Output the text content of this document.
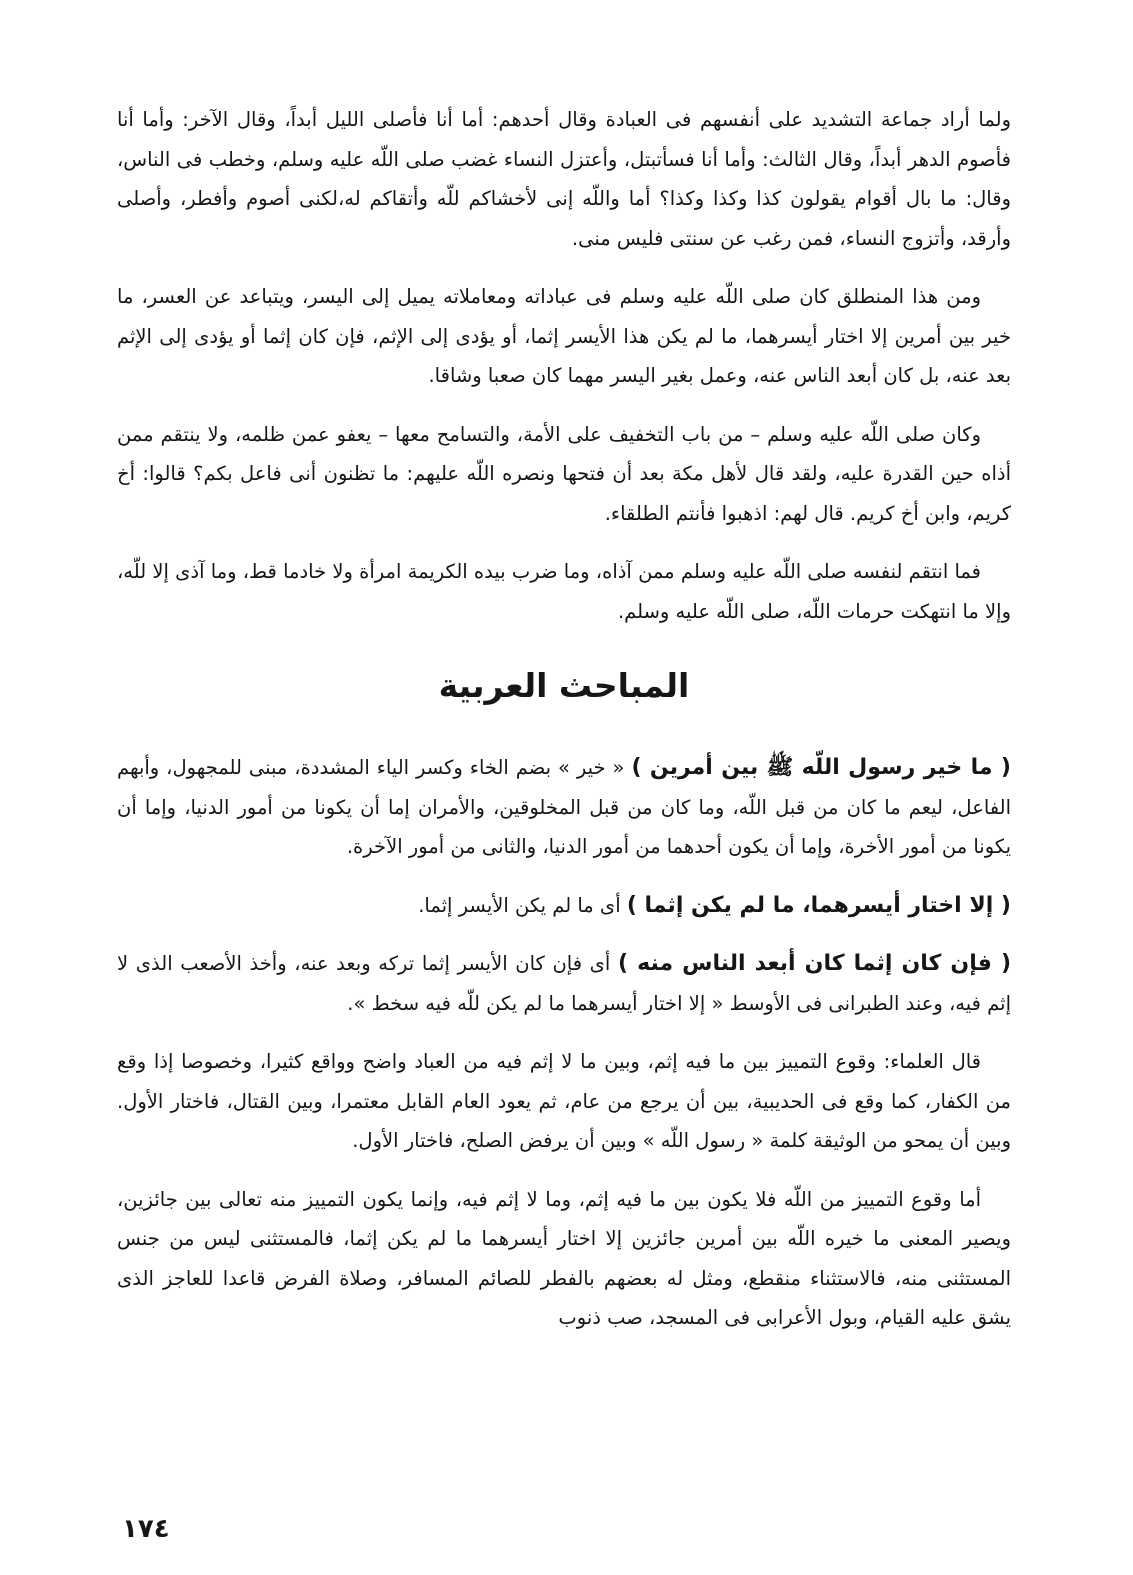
ولما أراد جماعة التشديد على أنفسهم فى العبادة وقال أحدهم: أما أنا فأصلى الليل أبداً، وقال الآخر: وأما أنا فأصوم الدهر أبداً، وقال الثالث: وأما أنا فسأتبتل، وأعتزل النساء غضب صلى اللّه عليه وسلم، وخطب فى الناس، وقال: ما بال أقوام يقولون كذا وكذا وكذا؟ أما واللّه إنى لأخشاكم للّه وأتقاكم له،لكنى أصوم وأفطر، وأصلى وأرقد، وأتزوج النساء، فمن رغب عن سنتى فليس منى.

ومن هذا المنطلق كان صلى اللّه عليه وسلم فى عباداته ومعاملاته يميل إلى اليسر، ويتباعد عن العسر، ما خير بين أمرين إلا اختار أيسرهما، ما لم يكن هذا الأيسر إثما، أو يؤدى إلى الإثم، فإن كان إثما أو يؤدى إلى الإثم بعد عنه، بل كان أبعد الناس عنه، وعمل بغير اليسر مهما كان صعبا وشاقا.

وكان صلى اللّه عليه وسلم – من باب التخفيف على الأمة، والتسامح معها – يعفو عمن ظلمه، ولا ينتقم ممن أذاه حين القدرة عليه، ولقد قال لأهل مكة بعد أن فتحها ونصره اللّه عليهم: ما تظنون أنى فاعل بكم؟ قالوا: أخ كريم، وابن أخ كريم. قال لهم: اذهبوا فأنتم الطلقاء.

فما انتقم لنفسه صلى اللّه عليه وسلم ممن آذاه، وما ضرب بيده الكريمة امرأة ولا خادما قط، وما آذى إلا للّه، وإلا ما انتهكت حرمات اللّه، صلى اللّه عليه وسلم.

المباحث العربية

( ما خير رسول اللّه ﷺ بين أمرين ) « خير » بضم الخاء وكسر الياء المشددة، مبنى للمجهول، وأبهم الفاعل، ليعم ما كان من قبل اللّه، وما كان من قبل المخلوقين، والأمران إما أن يكونا من أمور الدنيا، وإما أن يكونا من أمور الأخرة، وإما أن يكون أحدهما من أمور الدنيا، والثانى من أمور الآخرة.

( إلا اختار أيسرهما، ما لم يكن إثما ) أى ما لم يكن الأيسر إثما.

( فإن كان إثما كان أبعد الناس منه ) أى فإن كان الأيسر إثما تركه وبعد عنه، وأخذ الأصعب الذى لا إثم فيه، وعند الطبرانى فى الأوسط « إلا اختار أيسرهما ما لم يكن للّه فيه سخط ».

قال العلماء: وقوع التمييز بين ما فيه إثم، وبين ما لا إثم فيه من العباد واضح وواقع كثيرا، وخصوصا إذا وقع من الكفار، كما وقع فى الحديبية، بين أن يرجع من عام، ثم يعود العام القابل معتمرا، وبين القتال، فاختار الأول. وبين أن يمحو من الوثيقة كلمة « رسول اللّه » وبين أن يرفض الصلح، فاختار الأول.

أما وقوع التمييز من اللّه فلا يكون بين ما فيه إثم، وما لا إثم فيه، وإنما يكون التمييز منه تعالى بين جائزين، ويصير المعنى ما خيره اللّه بين أمرين جائزين إلا اختار أيسرهما ما لم يكن إثما، فالمستثنى ليس من جنس المستثنى منه، فالاستثناء منقطع، ومثل له بعضهم بالفطر للصائم المسافر، وصلاة الفرض قاعدا للعاجز الذى يشق عليه القيام، وبول الأعرابى فى المسجد، صب ذنوب

١٧٤
